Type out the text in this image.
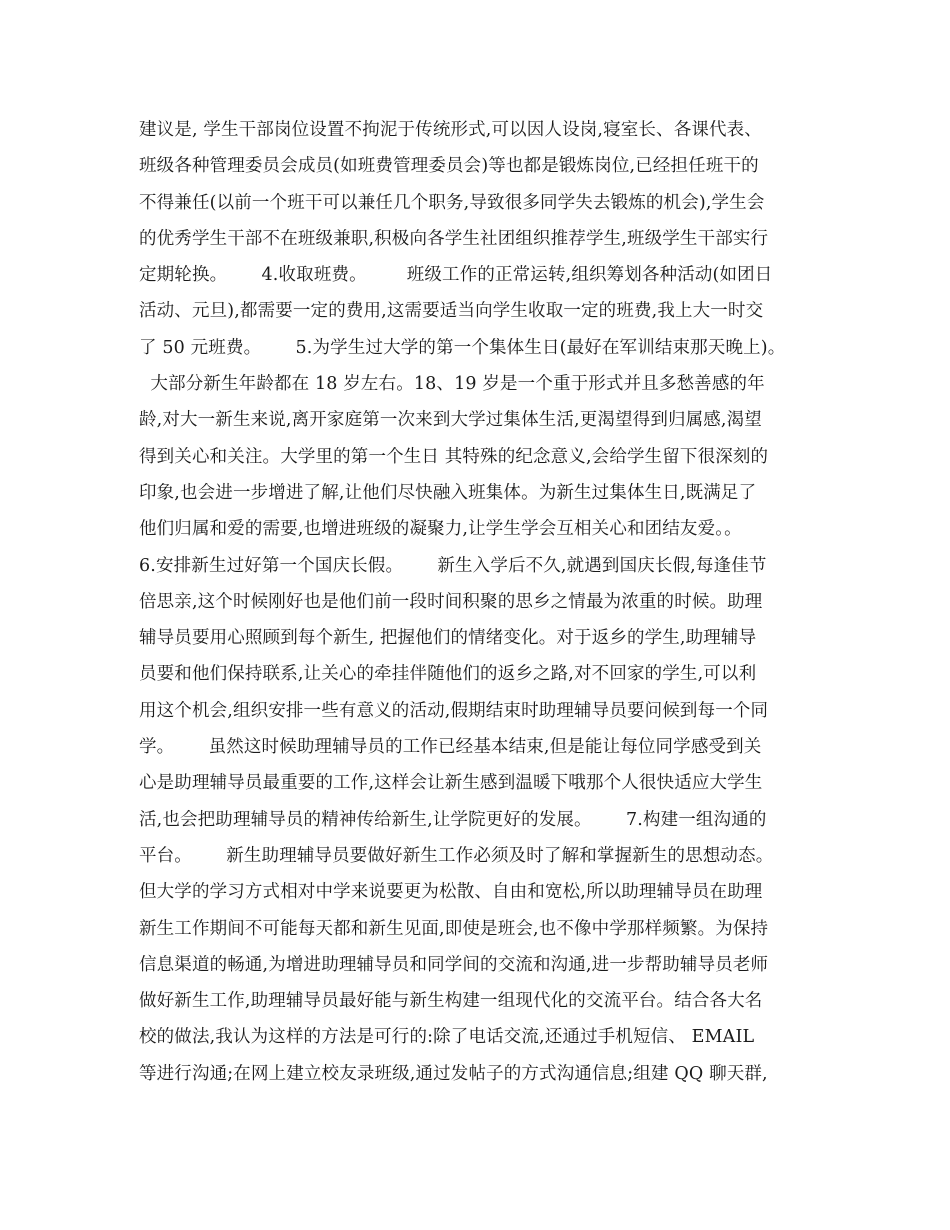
建议是, 学生干部岗位设置不拘泥于传统形式,可以因人设岗,寝室长、各课代表、
班级各种管理委员会成员(如班费管理委员会)等也都是锻炼岗位,已经担任班干的
不得兼任(以前一个班干可以兼任几个职务,导致很多同学失去锻炼的机会),学生会
的优秀学生干部不在班级兼职,积极向各学生社团组织推荐学生,班级学生干部实行
定期轮换。      4.收取班费。       班级工作的正常运转,组织筹划各种活动(如团日
活动、元旦),都需要一定的费用,这需要适当向学生收取一定的班费,我上大一时交
了 50 元班费。      5.为学生过大学的第一个集体生日(最好在军训结束那天晚上)。
大部分新生年龄都在 18 岁左右。18、19 岁是一个重于形式并且多愁善感的年
龄,对大一新生来说,离开家庭第一次来到大学过集体生活,更渴望得到归属感,渴望
得到关心和关注。大学里的第一个生日 其特殊的纪念意义,会给学生留下很深刻的
印象,也会进一步增进了解,让他们尽快融入班集体。为新生过集体生日,既满足了
他们归属和爱的需要,也增进班级的凝聚力,让学生学会互相关心和团结友爱。。
6.安排新生过好第一个国庆长假。      新生入学后不久,就遇到国庆长假,每逢佳节
倍思亲,这个时候刚好也是他们前一段时间积聚的思乡之情最为浓重的时候。助理
辅导员要用心照顾到每个新生, 把握他们的情绪变化。对于返乡的学生,助理辅导
员要和他们保持联系,让关心的牵挂伴随他们的返乡之路,对不回家的学生,可以利
用这个机会,组织安排一些有意义的活动,假期结束时助理辅导员要问候到每一个同
学。      虽然这时候助理辅导员的工作已经基本结束,但是能让每位同学感受到关
心是助理辅导员最重要的工作,这样会让新生感到温暖下哦那个人很快适应大学生
活,也会把助理辅导员的精神传给新生,让学院更好的发展。      7.构建一组沟通的
平台。      新生助理辅导员要做好新生工作必须及时了解和掌握新生的思想动态。
但大学的学习方式相对中学来说要更为松散、自由和宽松,所以助理辅导员在助理
新生工作期间不可能每天都和新生见面,即使是班会,也不像中学那样频繁。为保持
信息渠道的畅通,为增进助理辅导员和同学间的交流和沟通,进一步帮助辅导员老师
做好新生工作,助理辅导员最好能与新生构建一组现代化的交流平台。结合各大名
校的做法,我认为这样的方法是可行的:除了电话交流,还通过手机短信、 EMAIL
等进行沟通;在网上建立校友录班级,通过发帖子的方式沟通信息;组建 QQ 聊天群,
